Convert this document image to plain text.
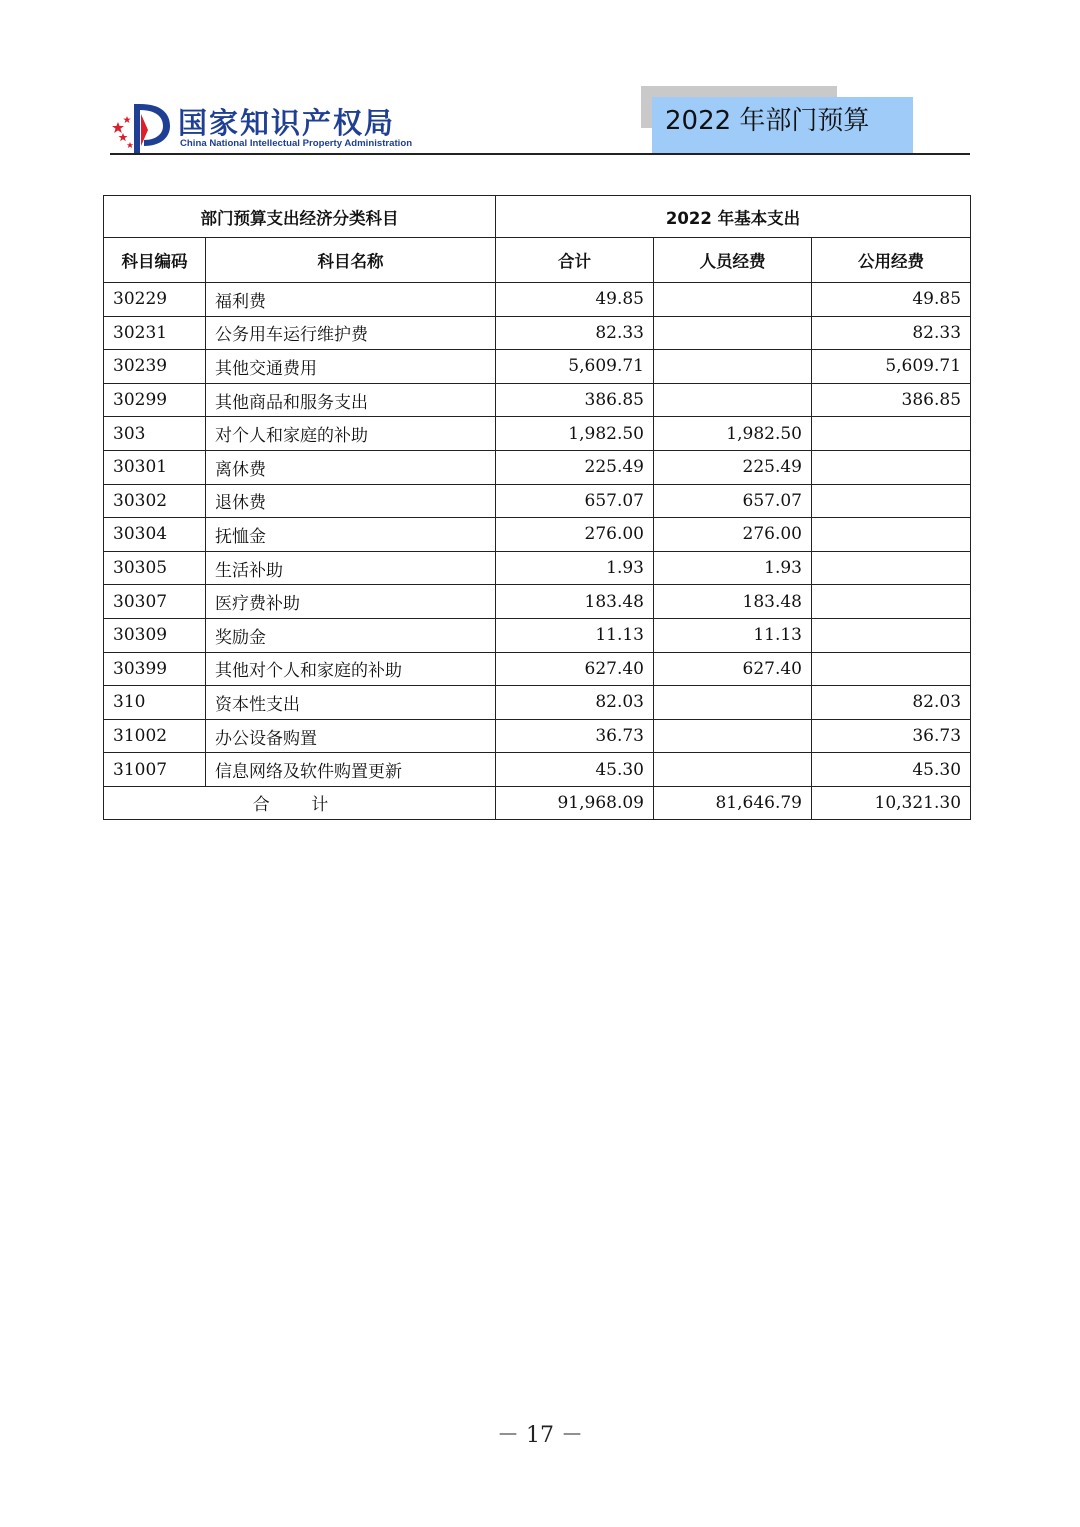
国家知识产权局
China National Intellectual Property Administration
2022 年部门预算
部门预算支出经济分类科目		2022 年基本支出		
科目编码	科目名称	合计	人员经费	公用经费
30229	福利费	49.85		49.85
30231	公务用车运行维护费	82.33		82.33
30239	其他交通费用	5,609.71		5,609.71
30299	其他商品和服务支出	386.85		386.85
303	对个人和家庭的补助	1,982.50	1,982.50	
30301	离休费	225.49	225.49	
30302	退休费	657.07	657.07	
30304	抚恤金	276.00	276.00	
30305	生活补助	1.93	1.93	
30307	医疗费补助	183.48	183.48	
30309	奖励金	11.13	11.13	
30399	其他对个人和家庭的补助	627.40	627.40	
310	资本性支出	82.03		82.03
31002	办公设备购置	36.73		36.73
31007	信息网络及软件购置更新	45.30		45.30
合 计		91,968.09	81,646.79	10,321.30
－ 17 －
